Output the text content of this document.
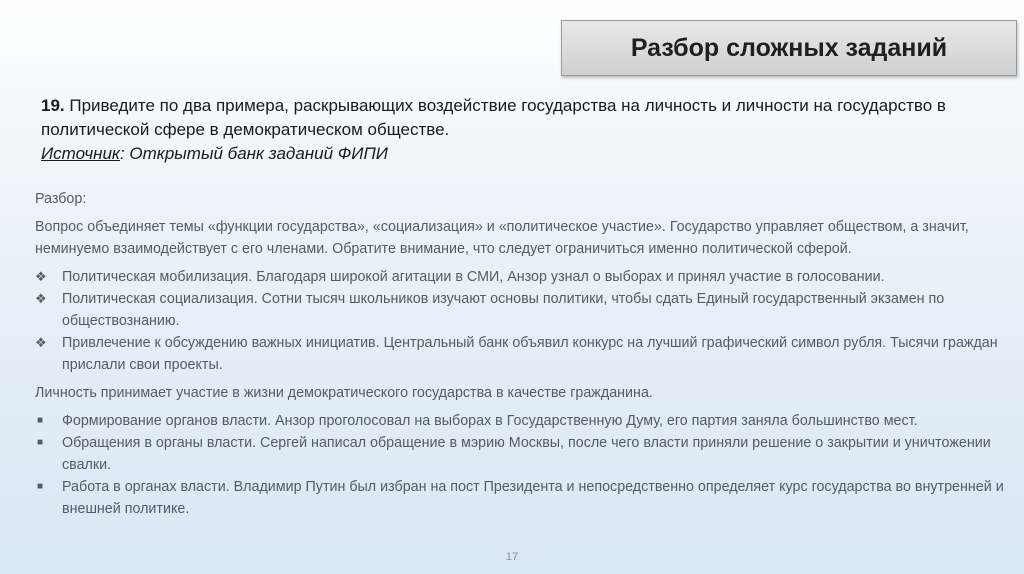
Разбор сложных заданий
19. Приведите по два примера, раскрывающих воздействие государства на личность и личности на государство в политической сфере в демократическом обществе.
Источник: Открытый банк заданий ФИПИ

Разбор:

Вопрос объединяет темы «функции государства», «социализация» и «политическое участие». Государство управляет обществом, а значит, неминуемо взаимодействует с его членами. Обратите внимание, что следует ограничиться именно политической сферой.

❖	Политическая мобилизация. Благодаря широкой агитации в СМИ, Анзор узнал о выборах и принял участие в голосовании.
❖	Политическая социализация. Сотни тысяч школьников изучают основы политики, чтобы сдать Единый государственный экзамен по обществознанию.
❖	Привлечение к обсуждению важных инициатив. Центральный банк объявил конкурс на лучший графический символ рубля. Тысячи граждан прислали свои проекты.

Личность принимает участие в жизни демократического государства в качестве гражданина.

■	Формирование органов власти. Анзор проголосовал на выборах в Государственную Думу, его партия заняла большинство мест.
■	Обращения в органы власти. Сергей написал обращение в мэрию Москвы, после чего власти приняли решение о закрытии и уничтожении свалки.
■	Работа в органах власти. Владимир Путин был избран на пост Президента и непосредственно определяет курс государства во внутренней и внешней политике.
17
